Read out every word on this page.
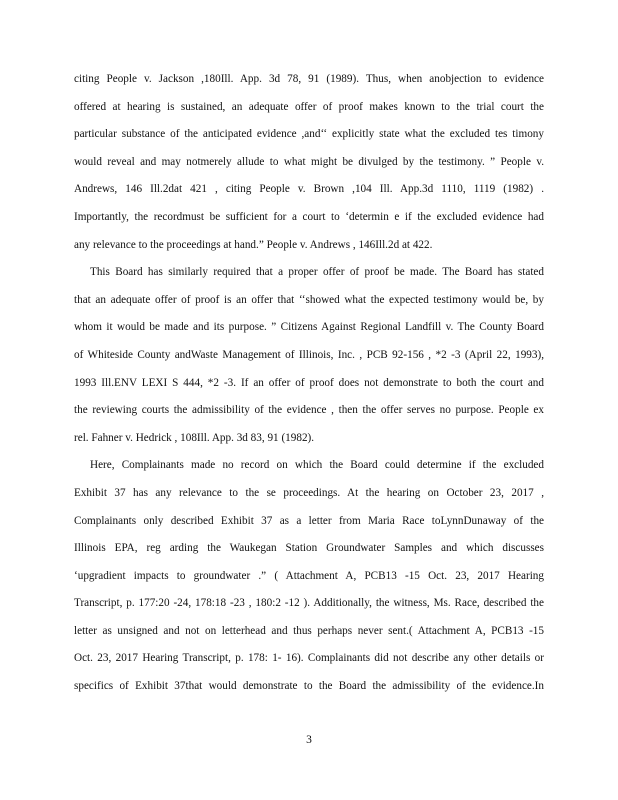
citing People v. Jackson ,180Ill. App. 3d 78, 91 (1989). Thus, when anobjection to evidence
offered at hearing is sustained, an adequate offer of proof makes known to the trial court the
particular substance of the anticipated evidence ,and‘‘ explicitly state what the excluded tes timony
would reveal and may notmerely allude to what might be divulged by the testimony. ” People v.
Andrews, 146 Ill.2dat 421 , citing People v. Brown ,104 Ill. App.3d 1110, 1119 (1982) .
Importantly, the recordmust be sufficient for a court to ‘determin e if the excluded evidence had
any relevance to the proceedings at hand.” People v. Andrews , 146Ill.2d at 422.
This Board has similarly required that a proper offer of proof be made. The Board has stated
that an adequate offer of proof is an offer that ‘‘showed what the expected testimony would be, by
whom it would be made and its purpose. ” Citizens Against Regional Landfill v. The County Board
of Whiteside County andWaste Management of Illinois, Inc. , PCB 92-156 , *2 -3 (April 22, 1993),
1993 Ill.ENV LEXI S 444, *2 -3. If an offer of proof does not demonstrate to both the court and
the reviewing courts the admissibility of the evidence , then the offer serves no purpose. People ex
rel. Fahner v. Hedrick , 108Ill. App. 3d 83, 91 (1982).
Here, Complainants made no record on which the Board could determine if the excluded
Exhibit 37 has any relevance to the se proceedings. At the hearing on October 23, 2017 ,
Complainants only described Exhibit 37 as a letter from Maria Race toLynnDunaway of the
Illinois EPA, reg arding the Waukegan Station Groundwater Samples and which discusses
‘upgradient impacts to groundwater .” ( Attachment A, PCB13 -15 Oct. 23, 2017 Hearing
Transcript, p. 177:20 -24, 178:18 -23 , 180:2 -12 ). Additionally, the witness, Ms. Race, described the
letter as unsigned and not on letterhead and thus perhaps never sent.( Attachment A, PCB13 -15
Oct. 23, 2017 Hearing Transcript, p. 178: 1- 16). Complainants did not describe any other details or
specifics of Exhibit 37that would demonstrate to the Board the admissibility of the evidence.In
3
